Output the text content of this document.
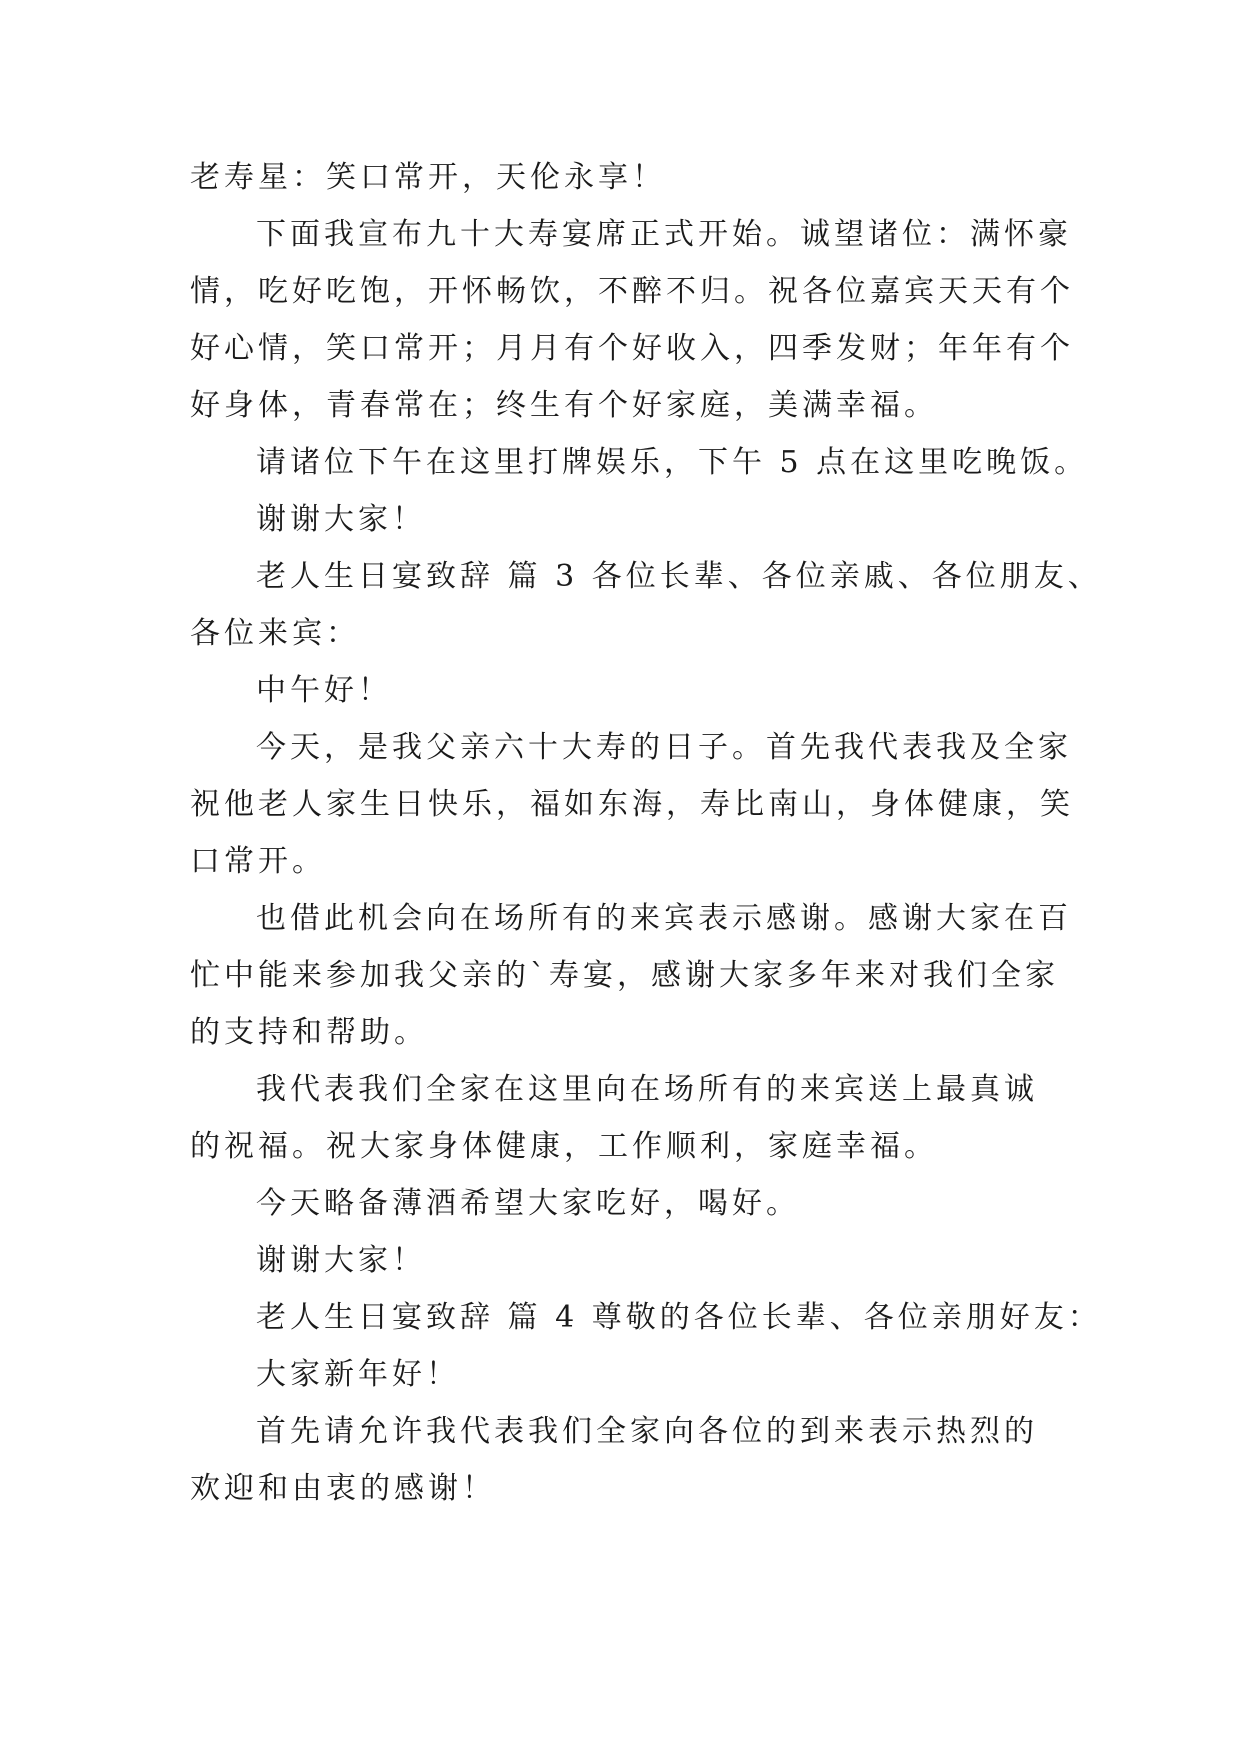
老寿星：笑口常开，天伦永享！
下面我宣布九十大寿宴席正式开始。诚望诸位：满怀豪
情，吃好吃饱，开怀畅饮，不醉不归。祝各位嘉宾天天有个
好心情，笑口常开；月月有个好收入，四季发财；年年有个
好身体，青春常在；终生有个好家庭，美满幸福。
请诸位下午在这里打牌娱乐，下午 5 点在这里吃晚饭。
谢谢大家！
老人生日宴致辞 篇 3 各位长辈、各位亲戚、各位朋友、
各位来宾：
中午好！
今天，是我父亲六十大寿的日子。首先我代表我及全家
祝他老人家生日快乐，福如东海，寿比南山，身体健康，笑
口常开。
也借此机会向在场所有的来宾表示感谢。感谢大家在百
忙中能来参加我父亲的`寿宴，感谢大家多年来对我们全家
的支持和帮助。
我代表我们全家在这里向在场所有的来宾送上最真诚
的祝福。祝大家身体健康，工作顺利，家庭幸福。
今天略备薄酒希望大家吃好，喝好。
谢谢大家！
老人生日宴致辞 篇 4 尊敬的各位长辈、各位亲朋好友：
大家新年好！
首先请允许我代表我们全家向各位的到来表示热烈的
欢迎和由衷的感谢！
